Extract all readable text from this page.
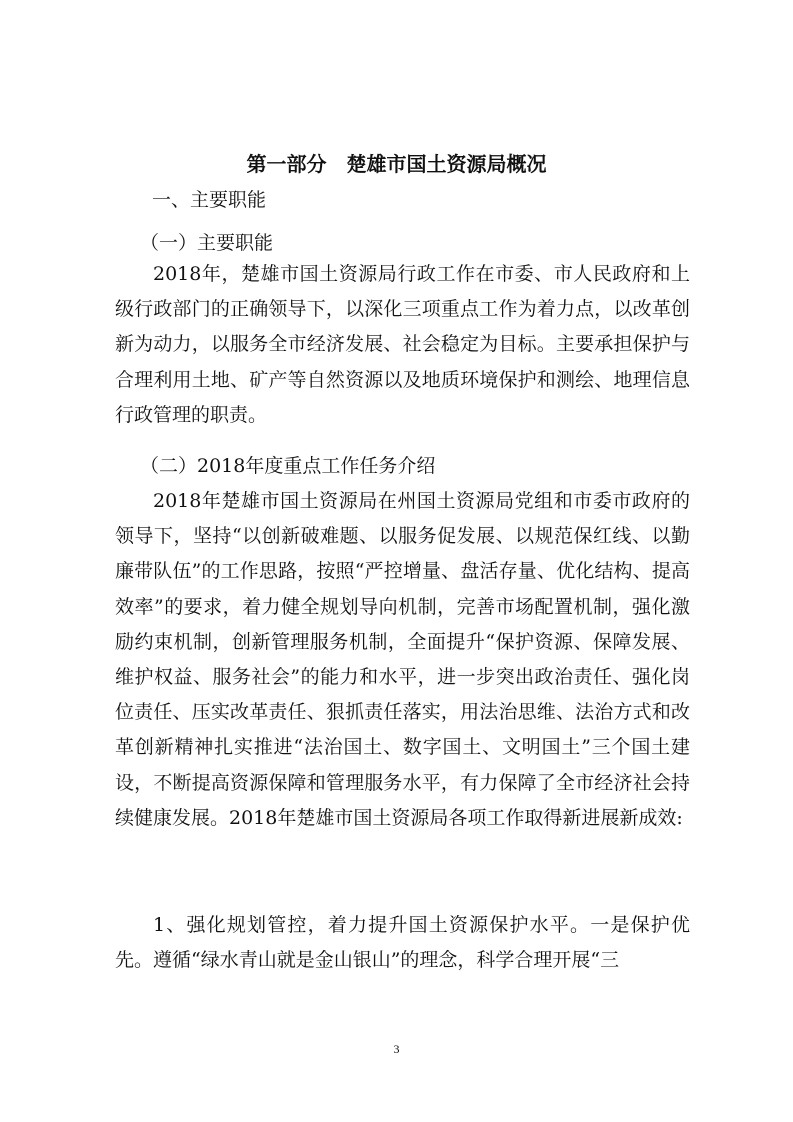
第一部分　楚雄市国土资源局概况
一、主要职能
（一）主要职能

2018年，楚雄市国土资源局行政工作在市委、市人民政府和上级行政部门的正确领导下，以深化三项重点工作为着力点，以改革创新为动力，以服务全市经济发展、社会稳定为目标。主要承担保护与合理利用土地、矿产等自然资源以及地质环境保护和测绘、地理信息行政管理的职责。

（二）2018年度重点工作任务介绍

2018年楚雄市国土资源局在州国土资源局党组和市委市政府的领导下，坚持“以创新破难题、以服务促发展、以规范保红线、以勤廉带队伍”的工作思路，按照“严控增量、盘活存量、优化结构、提高效率”的要求，着力健全规划导向机制，完善市场配置机制，强化激励约束机制，创新管理服务机制，全面提升“保护资源、保障发展、维护权益、服务社会”的能力和水平，进一步突出政治责任、强化岗位责任、压实改革责任、狠抓责任落实，用法治思维、法治方式和改革创新精神扎实推进“法治国土、数字国土、文明国土”三个国土建设，不断提高资源保障和管理服务水平，有力保障了全市经济社会持续健康发展。2018年楚雄市国土资源局各项工作取得新进展新成效:

1、强化规划管控，着力提升国土资源保护水平。一是保护优先。遵循“绿水青山就是金山银山”的理念，科学合理开展“三

3
